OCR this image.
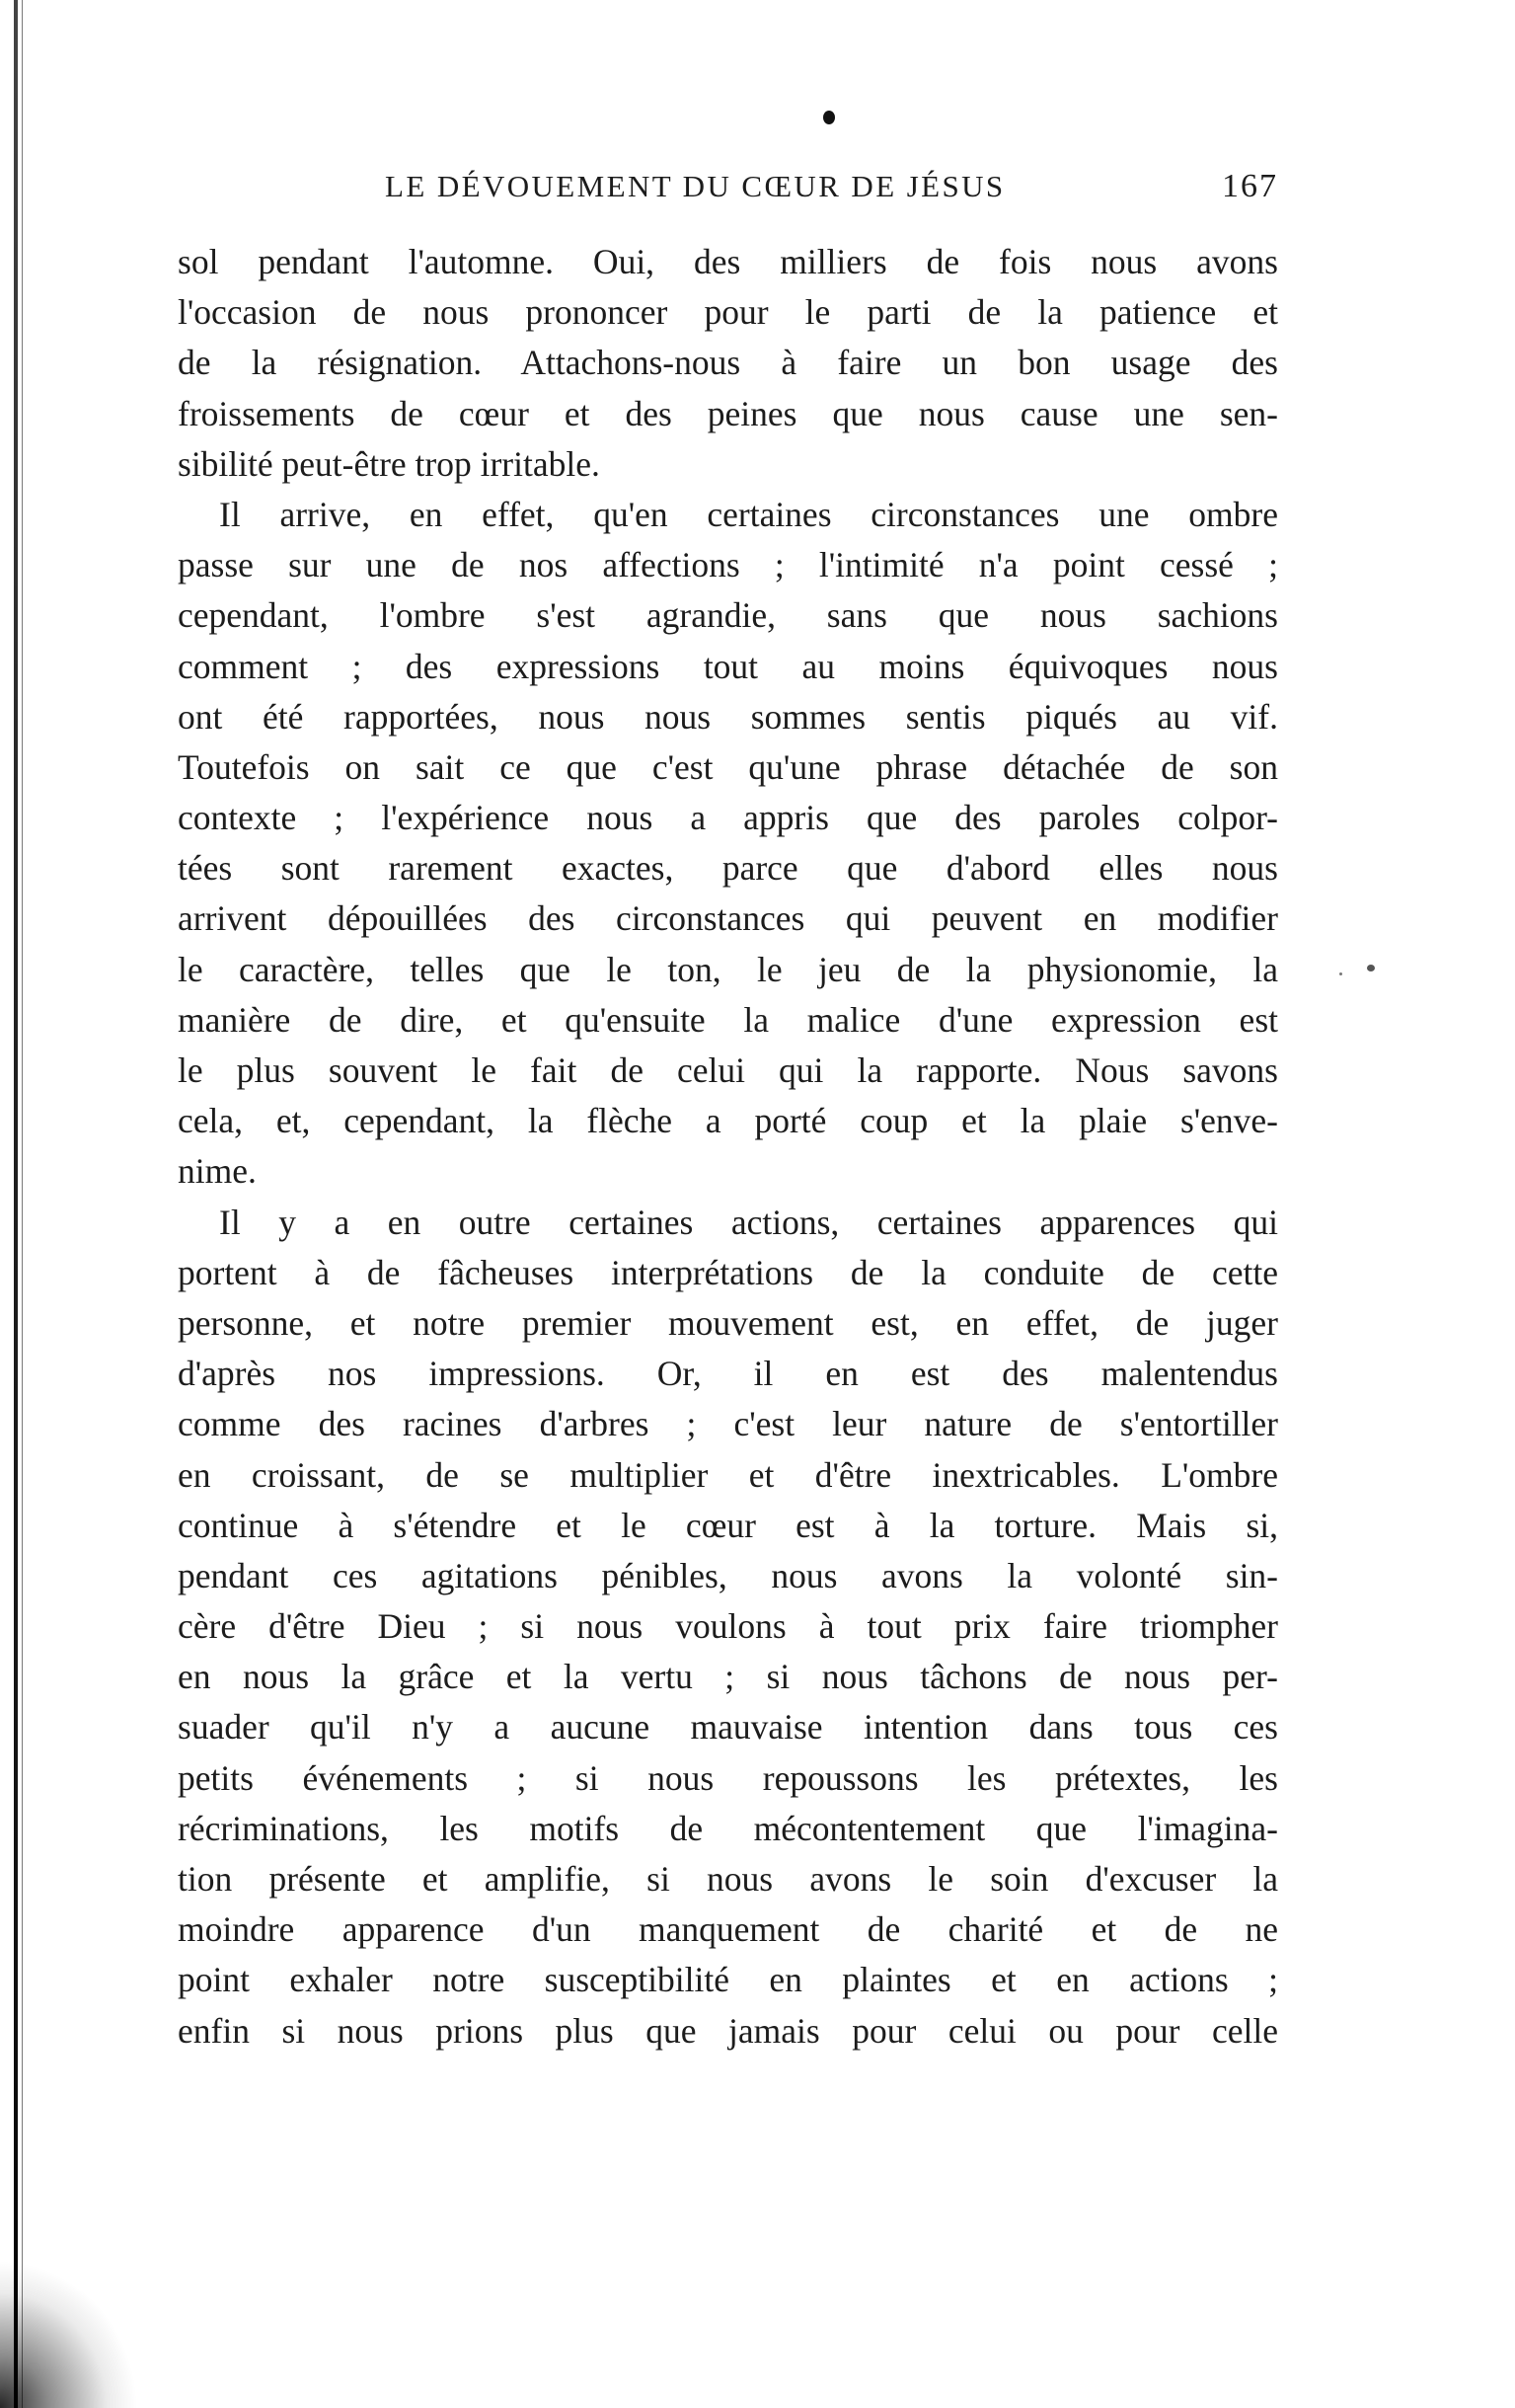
LE DÉVOUEMENT DU CŒUR DE JÉSUS	167
sol pendant l'automne. Oui, des milliers de fois nous avons
l'occasion de nous prononcer pour le parti de la patience et
de la résignation. Attachons-nous à faire un bon usage des
froissements de cœur et des peines que nous cause une sen-
sibilité peut-être trop irritable.
Il arrive, en effet, qu'en certaines circonstances une ombre
passe sur une de nos affections ; l'intimité n'a point cessé ;
cependant, l'ombre s'est agrandie, sans que nous sachions
comment ; des expressions tout au moins équivoques nous
ont été rapportées, nous nous sommes sentis piqués au vif.
Toutefois on sait ce que c'est qu'une phrase détachée de son
contexte ; l'expérience nous a appris que des paroles colpor-
tées sont rarement exactes, parce que d'abord elles nous
arrivent dépouillées des circonstances qui peuvent en modifier
le caractère, telles que le ton, le jeu de la physionomie, la
manière de dire, et qu'ensuite la malice d'une expression est
le plus souvent le fait de celui qui la rapporte. Nous savons
cela, et, cependant, la flèche a porté coup et la plaie s'enve-
nime.
Il y a en outre certaines actions, certaines apparences qui
portent à de fâcheuses interprétations de la conduite de cette
personne, et notre premier mouvement est, en effet, de juger
d'après nos impressions. Or, il en est des malentendus
comme des racines d'arbres ; c'est leur nature de s'entortiller
en croissant, de se multiplier et d'être inextricables. L'ombre
continue à s'étendre et le cœur est à la torture. Mais si,
pendant ces agitations pénibles, nous avons la volonté sin-
cère d'être Dieu ; si nous voulons à tout prix faire triompher
en nous la grâce et la vertu ; si nous tâchons de nous per-
suader qu'il n'y a aucune mauvaise intention dans tous ces
petits événements ; si nous repoussons les prétextes, les
récriminations, les motifs de mécontentement que l'imagina-
tion présente et amplifie, si nous avons le soin d'excuser la
moindre apparence d'un manquement de charité et de ne
point exhaler notre susceptibilité en plaintes et en actions ;
enfin si nous prions plus que jamais pour celui ou pour celle
